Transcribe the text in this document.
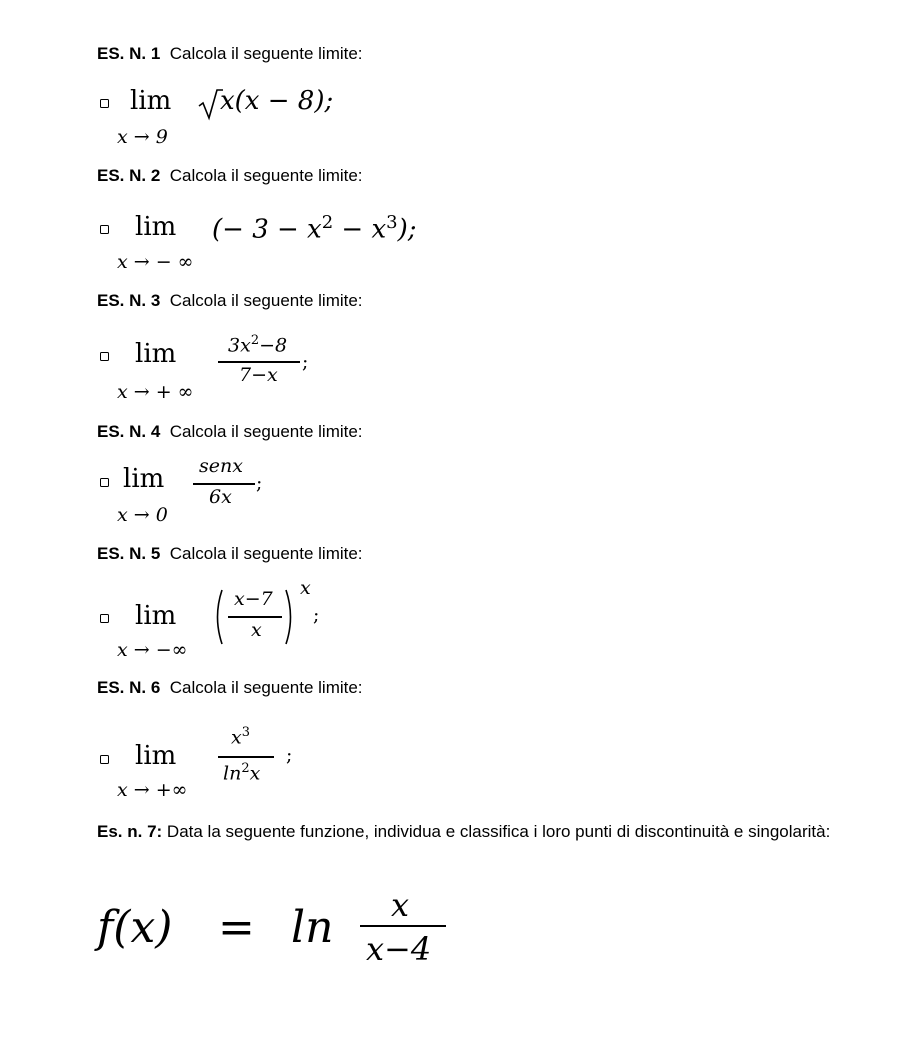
ES. N. 1 Calcola il seguente limite:
lim
x → 9
x(x − 8);
ES. N. 2 Calcola il seguente limite:
lim
x → − ∞
(− $3 - x^2 - x^3$);
ES. N. 3 Calcola il seguente limite:
lim
x → + ∞
$3x^2-8$
7−x
;
ES. N. 4 Calcola il seguente limite:
lim
x → 0
senx
6x
;
ES. N. 5 Calcola il seguente limite:
lim
x → −∞
x−7
x
x
;
ES. N. 6 Calcola il seguente limite:
lim
x → +∞
$x^3$
$\ln^2x$
;
Es. n. 7: Data la seguente funzione, individua e classifica i loro punti di discontinuità e singolarità:
f(x) = ln x
x−4
